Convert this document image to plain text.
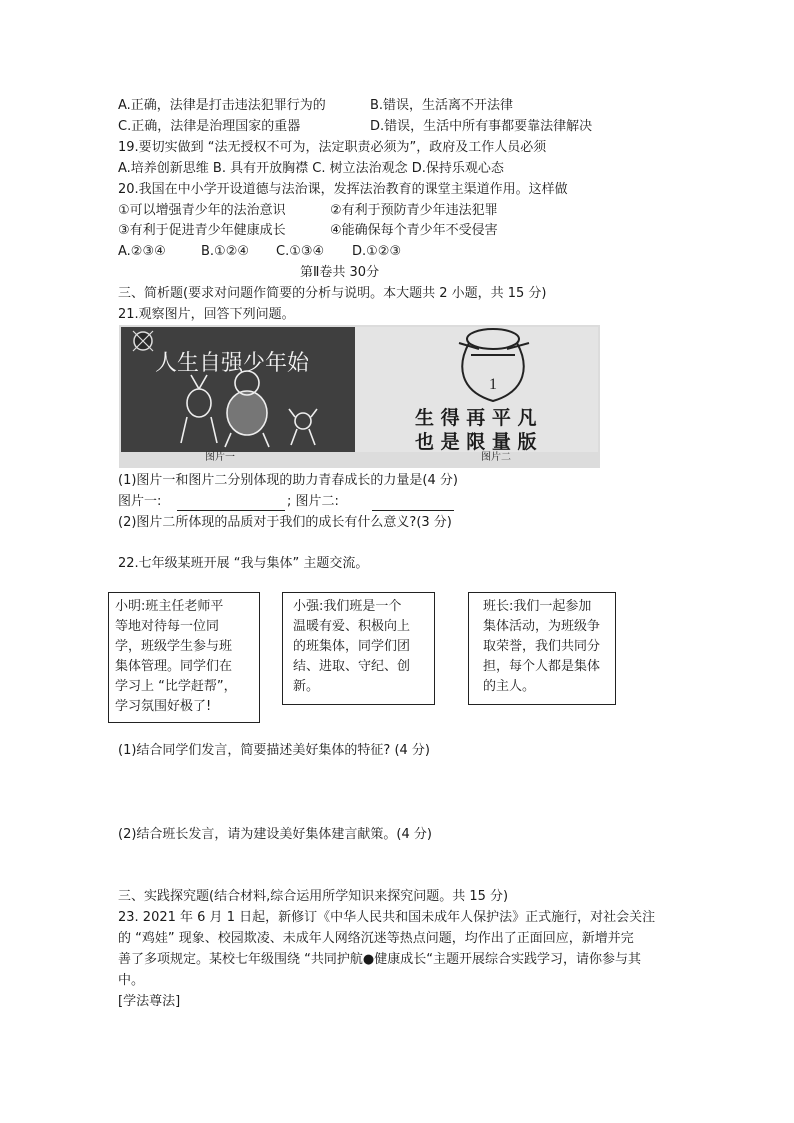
A.正确，法律是打击违法犯罪行为的	B.错误，生活离不开法律
C.正确，法律是治理国家的重器	D.错误，生活中所有事都要靠法律解决
19.要切实做到 “法无授权不可为，法定职责必须为”，政府及工作人员必须
A.培养创新思维 B. 具有开放胸襟 C. 树立法治观念 D.保持乐观心态
20.我国在中小学开设道德与法治课，发挥法治教育的课堂主渠道作用。这样做
①可以增强青少年的法治意识	②有利于预防青少年违法犯罪
③有利于促进青少年健康成长	④能确保每个青少年不受侵害
A.②③④	B.①②④ C.①③④ D.①②③
第Ⅱ卷共 30分
三、简析题(要求对问题作简要的分析与说明。本大题共 2 小题，共 15 分)
21.观察图片，回答下列问题。
1
人生自强少年始
图片一
生 得 再 平 凡
也 是 限 量 版
图片二
(1)图片一和图片二分别体现的助力青春成长的力量是(4 分)
图片一:	; 图片二:
(2)图片二所体现的品质对于我们的成长有什么意义?(3 分)
22.七年级某班开展 “我与集体” 主题交流。
小明:班主任老师平
等地对待每一位同
学，班级学生参与班
集体管理。同学们在
学习上 “比学赶帮”，
学习氛围好极了!
小强:我们班是一个
温暖有爱、积极向上
的班集体，同学们团
结、进取、守纪、创
新。
班长:我们一起参加
集体活动，为班级争
取荣誉，我们共同分
担，每个人都是集体
的主人。
(1)结合同学们发言，简要描述美好集体的特征? (4 分)
(2)结合班长发言，请为建设美好集体建言献策。(4 分)
三、实践探究题(结合材料,综合运用所学知识来探究问题。共 15 分)
23. 2021 年 6 月 1 日起，新修订《中华人民共和国未成年人保护法》正式施行，对社会关注
的 “鸡娃” 现象、校园欺凌、未成年人网络沉迷等热点问题，均作出了正面回应，新增并完
善了多项规定。某校七年级围绕 “共同护航●健康成长“主题开展综合实践学习，请你参与其
中。
[学法尊法]
